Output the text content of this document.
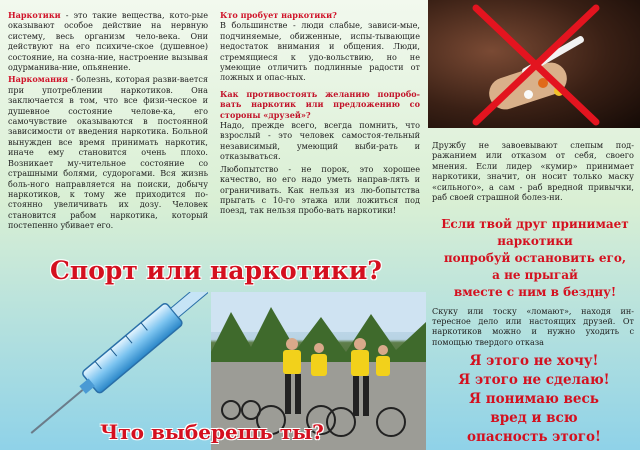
Наркотики - это такие вещества, кото-рые оказывают особое действие на нервную систему, весь организм чело-века. Они действуют на его психиче-ское (душевное) состояние, на созна-ние, настроение вызывая одурманива-ние, опьянение.

Наркомания - болезнь, которая разви-вается при употреблении наркотиков. Она заключается в том, что все физи-ческое и душевное состояние челове-ка, его самочувствие оказываются в постоянной зависимости от введения наркотика. Больной вынужден все время принимать наркотик, иначе ему становится очень плохо. Возникает му-чительное состояние со страшными болями, судорогами. Вся жизнь боль-ного направляется на поиски, добычу наркотиков, к тому же приходится по-стоянно увеличивать их дозу. Человек становится рабом наркотика, который постепенно убивает его.

Кто пробует наркотики?

В большинстве - люди слабые, зависи-мые, подчиняемые, обиженные, испы-тывающие недостаток внимания и общения. Люди, стремящиеся к удо-вольствию, но не умеющие отличить подлинные радости от ложных и опас-ных.

Как противостоять желанию попробо-вать наркотик или предложению со стороны «друзей»?

Надо, прежде всего, всегда помнить, что взрослый - это человек самостоя-тельный независимый, умеющий выби-рать и отказываться.

Любопытство - не порок, это хорошее качество, но его надо уметь направ-лять и ограничивать. Как нельзя из лю-бопытства прыгать с 10-го этажа или ложиться под поезд, так нельзя пробо-вать наркотики!

Дружбу не завоевывают слепым под-ражанием или отказом от себя, своего мнения. Если лидер «кумир» принимает наркотики, значит, он носит только маску «сильного», а сам - раб вредной привычки, раб своей страшной болез-ни.
Если твой друг принимает
наркотики
попробуй остановить его,
а не прыгай
вместе с ним в бездну!
Скуку или тоску «ломают», находя ин-тересное дело или настоящих друзей. От наркотиков можно и нужно уходить с помощью твердого отказа
Я этого не хочу!
Я этого не сделаю!
Я понимаю весь
вред и всю
опасность этого!
Спорт или наркотики?
Что выберешь ты?
